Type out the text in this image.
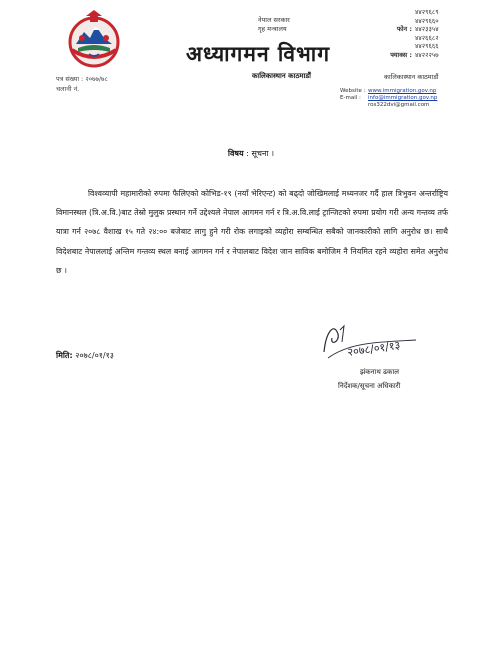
नेपाल सरकार
गृह मन्त्रालय
अध्यागमन विभाग
कालिकास्थान काठमाडौं
४४२९६८९
४४२९६६०
फोन : ४४२३३५४
४४२६६८२
४४२९६६६
फ्याक्स : ४४२२२५७
कालिकास्थान काठमाडौं
पत्र संख्या : २०७७/७८
चलानी नं.	Website : www.immigration.gov.np
E-mail : info@immigration.gov.np
ros322dvi@gmail.com
विषय : सूचना ।
विश्वव्यापी महामारीको रुपमा फैलिएको कोभिड-१९ (नयाँ भेरिएन्ट) को बढ्दो जोखिमलाई मध्यनजर गर्दै हाल त्रिभुवन अन्तर्राष्ट्रिय विमानस्थल (त्रि.अ.वि.)बाट तेस्रो मुलुक प्रस्थान गर्ने उद्देश्यले नेपाल आगमन गर्न र त्रि.अ.वि.लाई ट्रान्जिटको रुपमा प्रयोग गरी अन्य गन्तव्य तर्फ यात्रा गर्न २०७८ वैशाख १५ गते २४:०० बजेबाट लागु हुने गरी रोक लगाइको व्यहोरा सम्बन्धित सबैको जानकारीको लागि अनुरोध छ। साथै विदेशबाट नेपाललाई अन्तिम गन्तव्य स्थल बनाई आगमन गर्न र नेपालबाट विदेश जान साविक बमोजिम नै नियमित रहने व्यहोरा समेत अनुरोध छ ।
२०७८/०१/१३
मिति: २०७८/०१/१३
झंकनाथ ढकाल
निर्देशक/सूचना अधिकारी
